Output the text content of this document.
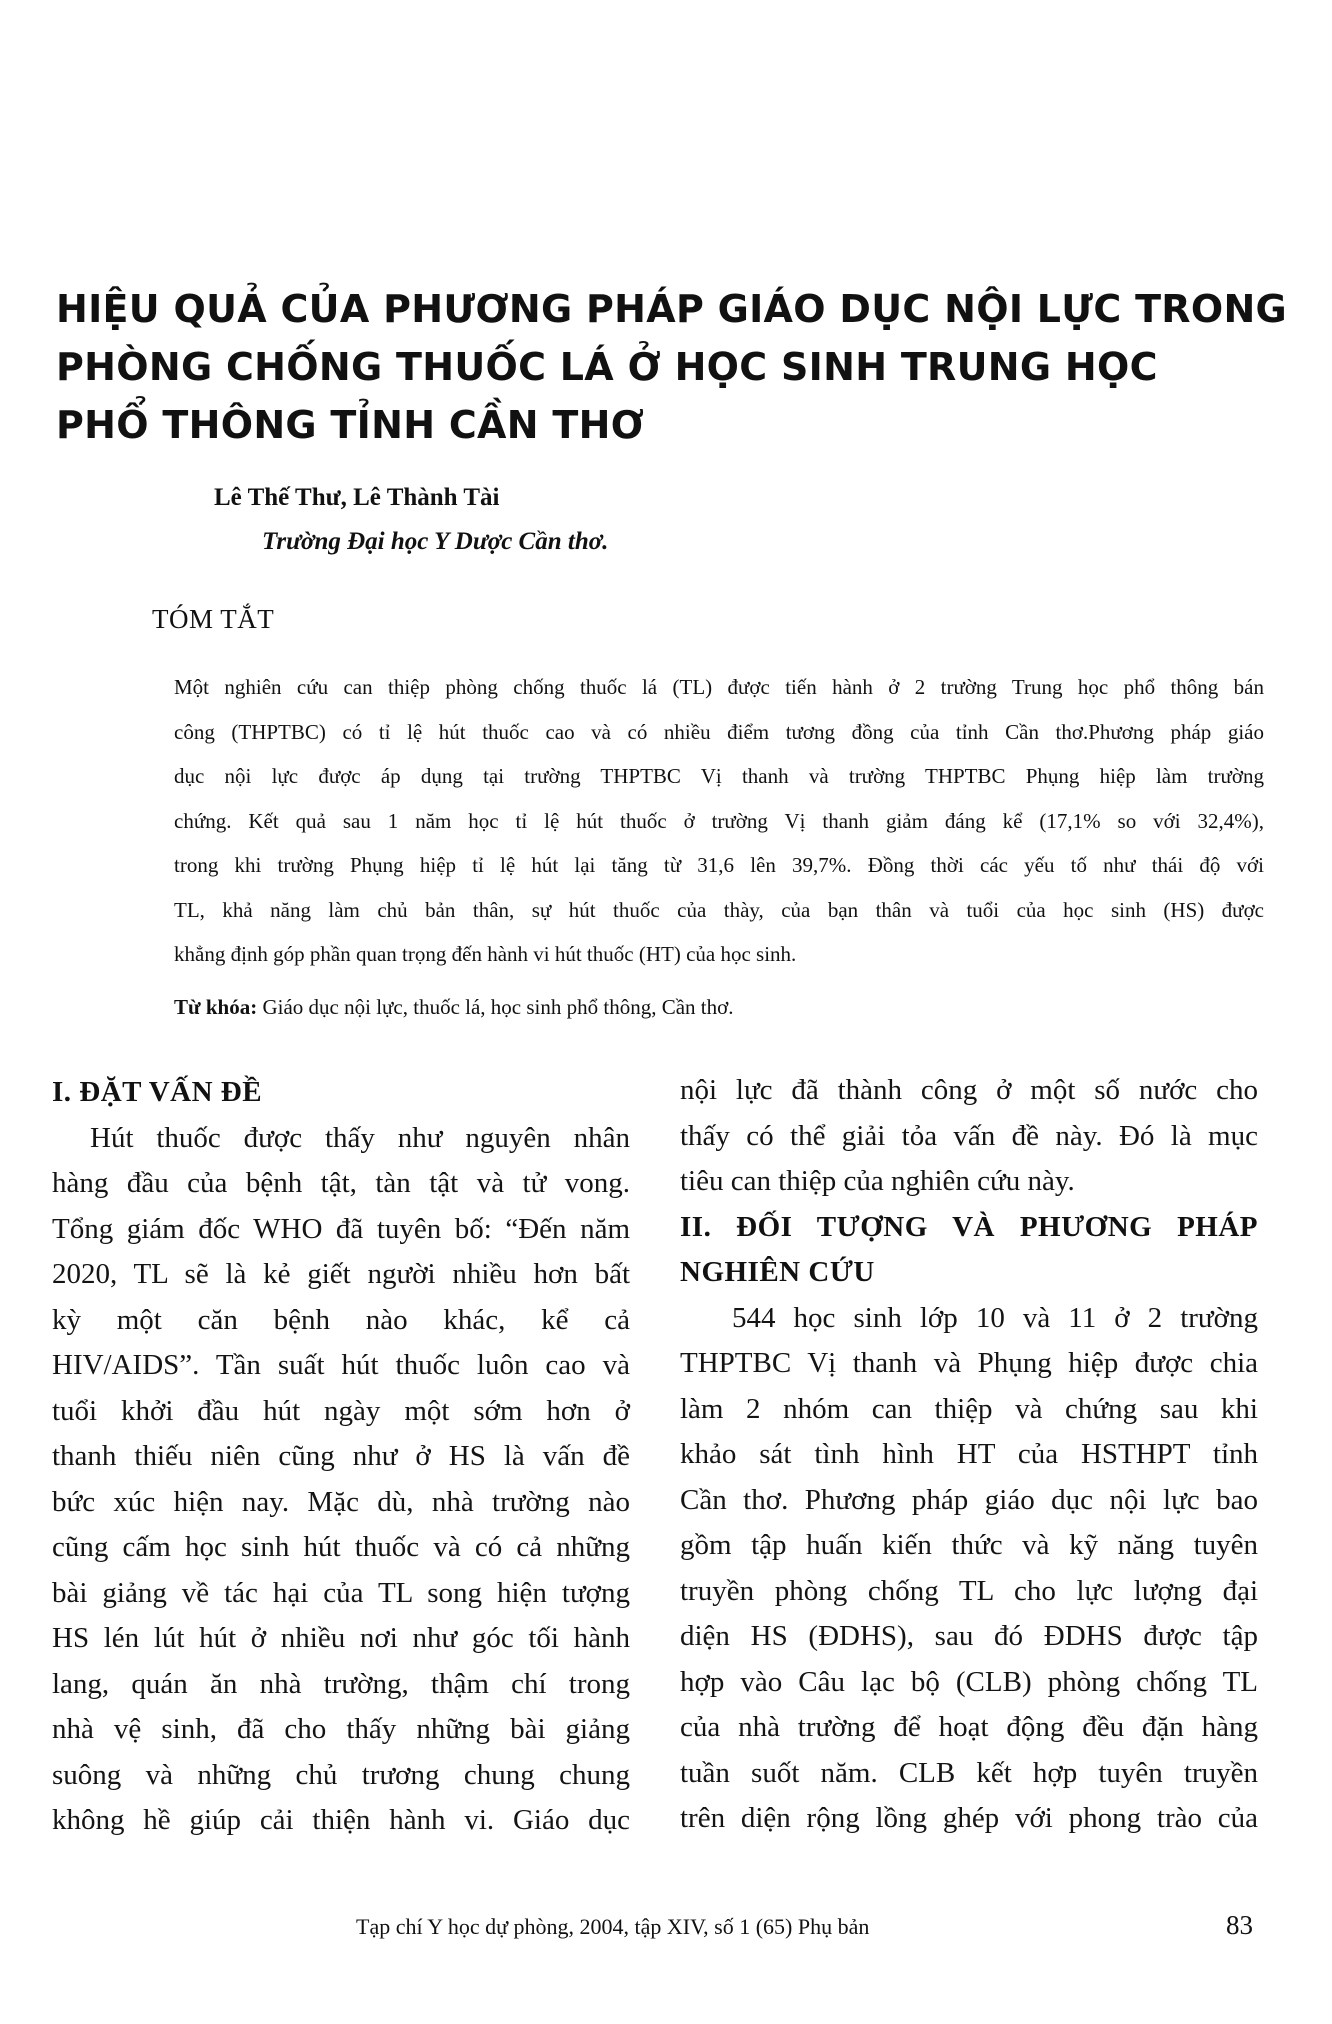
HIỆU QUẢ CỦA PHƯƠNG PHÁP GIÁO DỤC NỘI LỰC TRONG
PHÒNG CHỐNG THUỐC LÁ Ở HỌC SINH TRUNG HỌC
PHỔ THÔNG TỈNH CẦN THƠ
Lê Thế Thư, Lê Thành Tài
Trường Đại học Y Dược Cần thơ.
TÓM TẮT
Một nghiên cứu can thiệp phòng chống thuốc lá (TL) được tiến hành ở 2 trường Trung học phổ thông bán
công (THPTBC) có tỉ lệ hút thuốc cao và có nhiều điểm tương đồng của tỉnh Cần thơ.Phương pháp giáo
dục nội lực được áp dụng tại trường THPTBC Vị thanh và trường THPTBC Phụng hiệp làm trường
chứng. Kết quả sau 1 năm học tỉ lệ hút thuốc ở trường Vị thanh giảm đáng kể (17,1% so với 32,4%),
trong khi trường Phụng hiệp tỉ lệ hút lại tăng từ 31,6 lên 39,7%. Đồng thời các yếu tố như thái độ với
TL, khả năng làm chủ bản thân, sự hút thuốc của thày, của bạn thân và tuổi của học sinh (HS) được
khẳng định góp phần quan trọng đến hành vi hút thuốc (HT) của học sinh.
Từ khóa: Giáo dục nội lực, thuốc lá, học sinh phổ thông, Cần thơ.
I. ĐẶT VẤN ĐỀ
Hút thuốc được thấy như nguyên nhân
hàng đầu của bệnh tật, tàn tật và tử vong.
Tổng giám đốc WHO đã tuyên bố: “Đến năm
2020, TL sẽ là kẻ giết người nhiều hơn bất
kỳ một căn bệnh nào khác, kể cả
HIV/AIDS”. Tần suất hút thuốc luôn cao và
tuổi khởi đầu hút ngày một sớm hơn ở
thanh thiếu niên cũng như ở HS là vấn đề
bức xúc hiện nay. Mặc dù, nhà trường nào
cũng cấm học sinh hút thuốc và có cả những
bài giảng về tác hại của TL song hiện tượng
HS lén lút hút ở nhiều nơi như góc tối hành
lang, quán ăn nhà trường, thậm chí trong
nhà vệ sinh, đã cho thấy những bài giảng
suông và những chủ trương chung chung
không hề giúp cải thiện hành vi. Giáo dục
nội lực đã thành công ở một số nước cho
thấy có thể giải tỏa vấn đề này. Đó là mục
tiêu can thiệp của nghiên cứu này.
II. ĐỐI TƯỢNG VÀ PHƯƠNG PHÁP
NGHIÊN CỨU
544 học sinh lớp 10 và 11 ở 2 trường
THPTBC Vị thanh và Phụng hiệp được chia
làm 2 nhóm can thiệp và chứng sau khi
khảo sát tình hình HT của HSTHPT tỉnh
Cần thơ. Phương pháp giáo dục nội lực bao
gồm tập huấn kiến thức và kỹ năng tuyên
truyền phòng chống TL cho lực lượng đại
diện HS (ĐDHS), sau đó ĐDHS được tập
hợp vào Câu lạc bộ (CLB) phòng chống TL
của nhà trường để hoạt động đều đặn hàng
tuần suốt năm. CLB kết hợp tuyên truyền
trên diện rộng lồng ghép với phong trào của
Tạp chí Y học dự phòng, 2004, tập XIV, số 1 (65) Phụ bản	83
